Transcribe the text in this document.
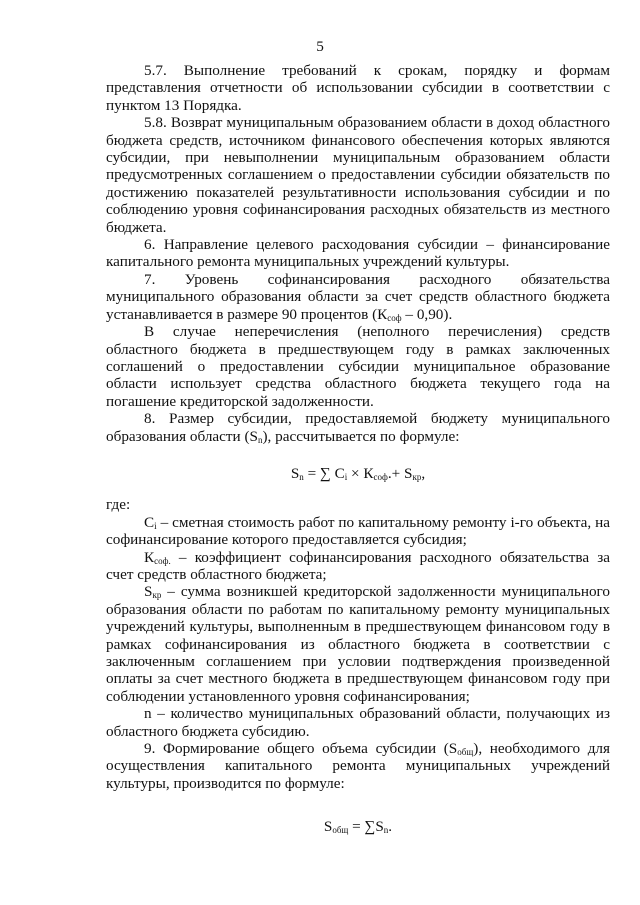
5

5.7. Выполнение требований к срокам, порядку и формам

представления отчетности об использовании субсидии в соответствии с пунктом 13 Порядка.

5.8. Возврат муниципальным образованием области в доход областного бюджета средств, источником финансового обеспечения которых являются субсидии, при невыполнении муниципальным образованием области предусмотренных соглашением о предоставлении субсидии обязательств по достижению показателей результативности использования субсидии и по соблюдению уровня софинансирования расходных обязательств из местного бюджета.

6. Направление целевого расходования субсидии – финансирование капитального ремонта муниципальных учреждений культуры.

7. Уровень софинансирования расходного обязательства

муниципального образования области за счет средств областного бюджета устанавливается в размере 90 процентов $(К_{соф} - 0,90)$.

В случае неперечисления (неполного перечисления) средств областного бюджета в предшествующем году в рамках заключенных соглашений о предоставлении субсидии муниципальное образование области использует средства областного бюджета текущего года на погашение кредиторской задолженности.

8. Размер субсидии, предоставляемой бюджету муниципального образования области $(S_n)$, рассчитывается по формуле:

$S_n$ = ∑ $C_i \times К_{соф}.+ S_{кр}$,

где:

$C_i$ – сметная стоимость работ по капитальному ремонту i-го объекта, на софинансирование которого предоставляется субсидия;

$К_{соф.}$ – коэффициент софинансирования расходного обязательства за счет средств областного бюджета;

$S_{кр}$ – сумма возникшей кредиторской задолженности муниципального образования области по работам по капитальному ремонту муниципальных учреждений культуры, выполненным в предшествующем финансовом году в рамках софинансирования из областного бюджета в соответствии с заключенным соглашением при условии подтверждения произведенной оплаты за счет местного бюджета в предшествующем финансовом году при соблюдении установленного уровня софинансирования;

n – количество муниципальных образований области, получающих из областного бюджета субсидию.

9. Формирование общего объема субсидии $(S_{общ})$, необходимого для осуществления капитального ремонта муниципальных учреждений культуры, производится по формуле:

$S_{общ} = \sum S_n$.
